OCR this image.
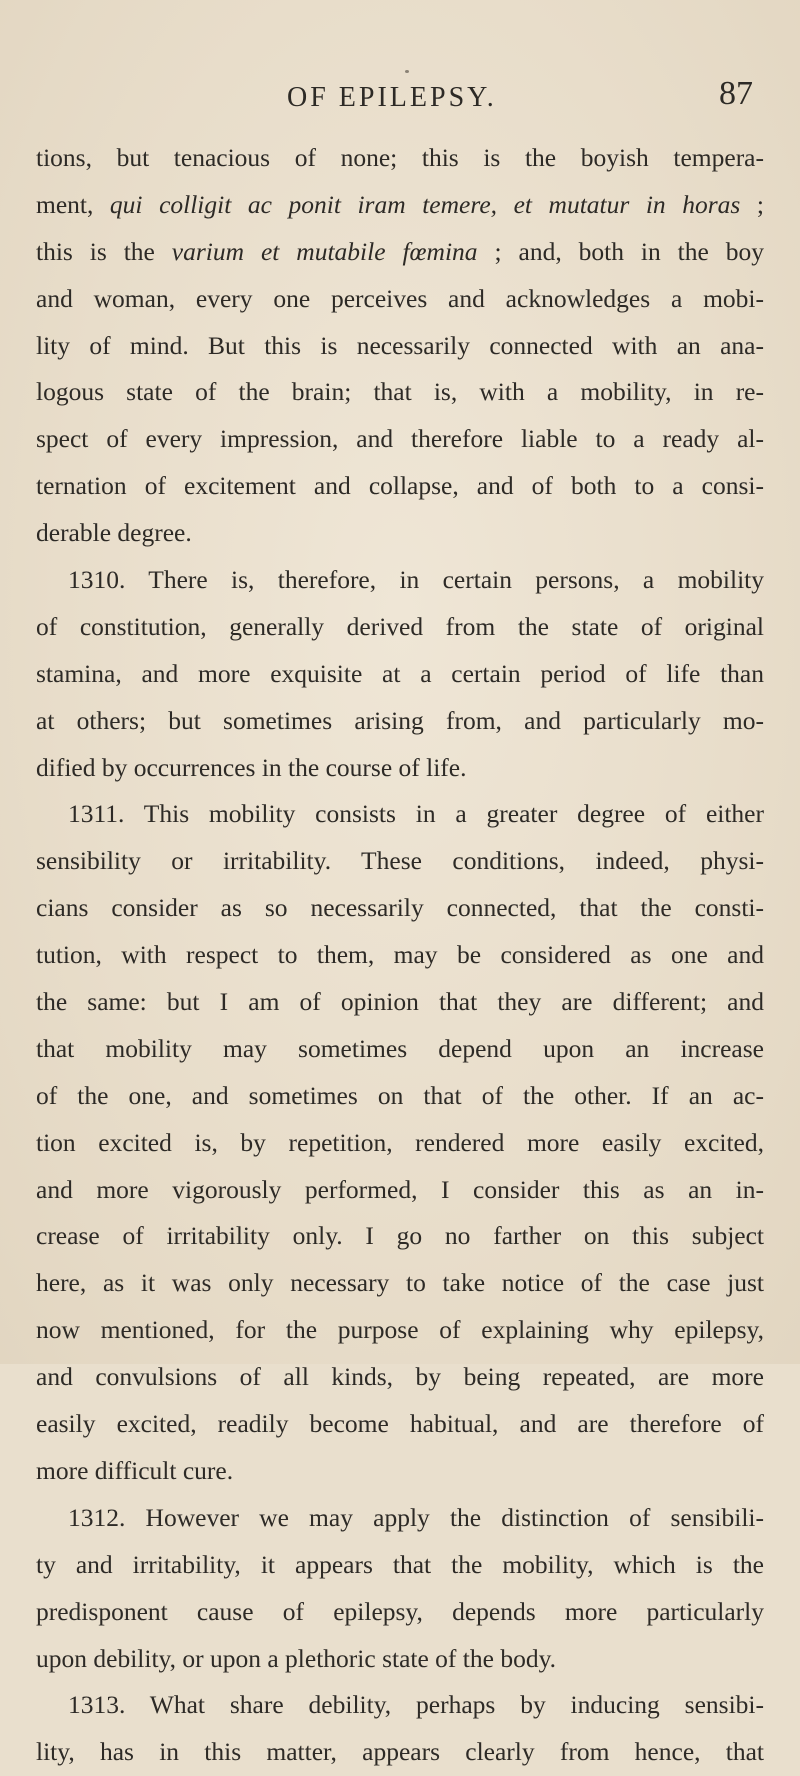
OF EPILEPSY.	87
tions, but tenacious of none; this is the boyish tempera-
ment, qui colligit ac ponit iram temere, et mutatur in horas ;
this is the varium et mutabile fœmina ; and, both in the boy
and woman, every one perceives and acknowledges a mobi-
lity of mind. But this is necessarily connected with an ana-
logous state of the brain; that is, with a mobility, in re-
spect of every impression, and therefore liable to a ready al-
ternation of excitement and collapse, and of both to a consi-
derable degree.
1310. There is, therefore, in certain persons, a mobility
of constitution, generally derived from the state of original
stamina, and more exquisite at a certain period of life than
at others; but sometimes arising from, and particularly mo-
dified by occurrences in the course of life.
1311. This mobility consists in a greater degree of either
sensibility or irritability. These conditions, indeed, physi-
cians consider as so necessarily connected, that the consti-
tution, with respect to them, may be considered as one and
the same: but I am of opinion that they are different; and
that mobility may sometimes depend upon an increase
of the one, and sometimes on that of the other. If an ac-
tion excited is, by repetition, rendered more easily excited,
and more vigorously performed, I consider this as an in-
crease of irritability only. I go no farther on this subject
here, as it was only necessary to take notice of the case just
now mentioned, for the purpose of explaining why epilepsy,
and convulsions of all kinds, by being repeated, are more
easily excited, readily become habitual, and are therefore of
more difficult cure.
1312. However we may apply the distinction of sensibili-
ty and irritability, it appears that the mobility, which is the
predisponent cause of epilepsy, depends more particularly
upon debility, or upon a plethoric state of the body.
1313. What share debility, perhaps by inducing sensibi-
lity, has in this matter, appears clearly from hence, that
